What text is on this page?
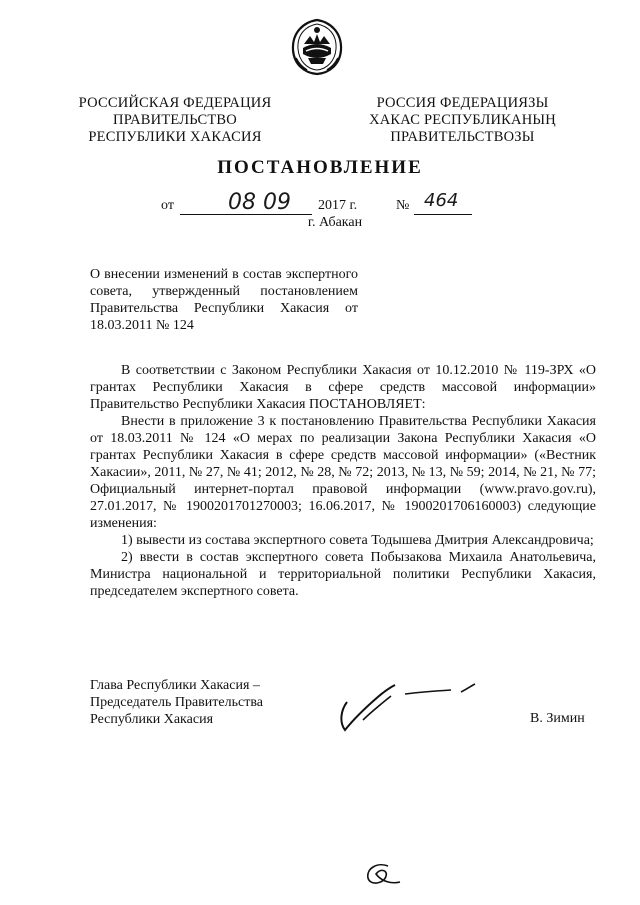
РОССИЙСКАЯ ФЕДЕРАЦИЯ
ПРАВИТЕЛЬСТВО
РЕСПУБЛИКИ ХАКАСИЯ
РОССИЯ ФЕДЕРАЦИЯЗЫ
ХАКАС РЕСПУБЛИКАНЫҢ
ПРАВИТЕЛЬСТВОЗЫ
ПОСТАНОВЛЕНИЕ
от 08 09 2017 г.	№ 464
г. Абакан

О внесении изменений в состав экспертного совета, утвержденный постановлением Правительства Республики Хакасия от 18.03.2011 № 124

В соответствии с Законом Республики Хакасия от 10.12.2010 № 119-ЗРХ «О грантах Республики Хакасия в сфере средств массовой информации» Правительство Республики Хакасия ПОСТАНОВЛЯЕТ:

Внести в приложение 3 к постановлению Правительства Республики Хакасия от 18.03.2011 № 124 «О мерах по реализации Закона Республики Хакасия «О грантах Республики Хакасия в сфере средств массовой информации» («Вестник Хакасии», 2011, № 27, № 41; 2012, № 28, № 72; 2013, № 13, № 59; 2014, № 21, № 77; Официальный интернет-портал правовой информации (www.pravo.gov.ru), 27.01.2017, № 1900201701270003; 16.06.2017, № 1900201706160003) следующие изменения:

1) вывести из состава экспертного совета Тодышева Дмитрия Александровича;

2) ввести в состав экспертного совета Побызакова Михаила Анатольевича, Министра национальной и территориальной политики Республики Хакасия, председателем экспертного совета.

Глава Республики Хакасия –
Председатель Правительства
Республики Хакасия	В. Зимин
